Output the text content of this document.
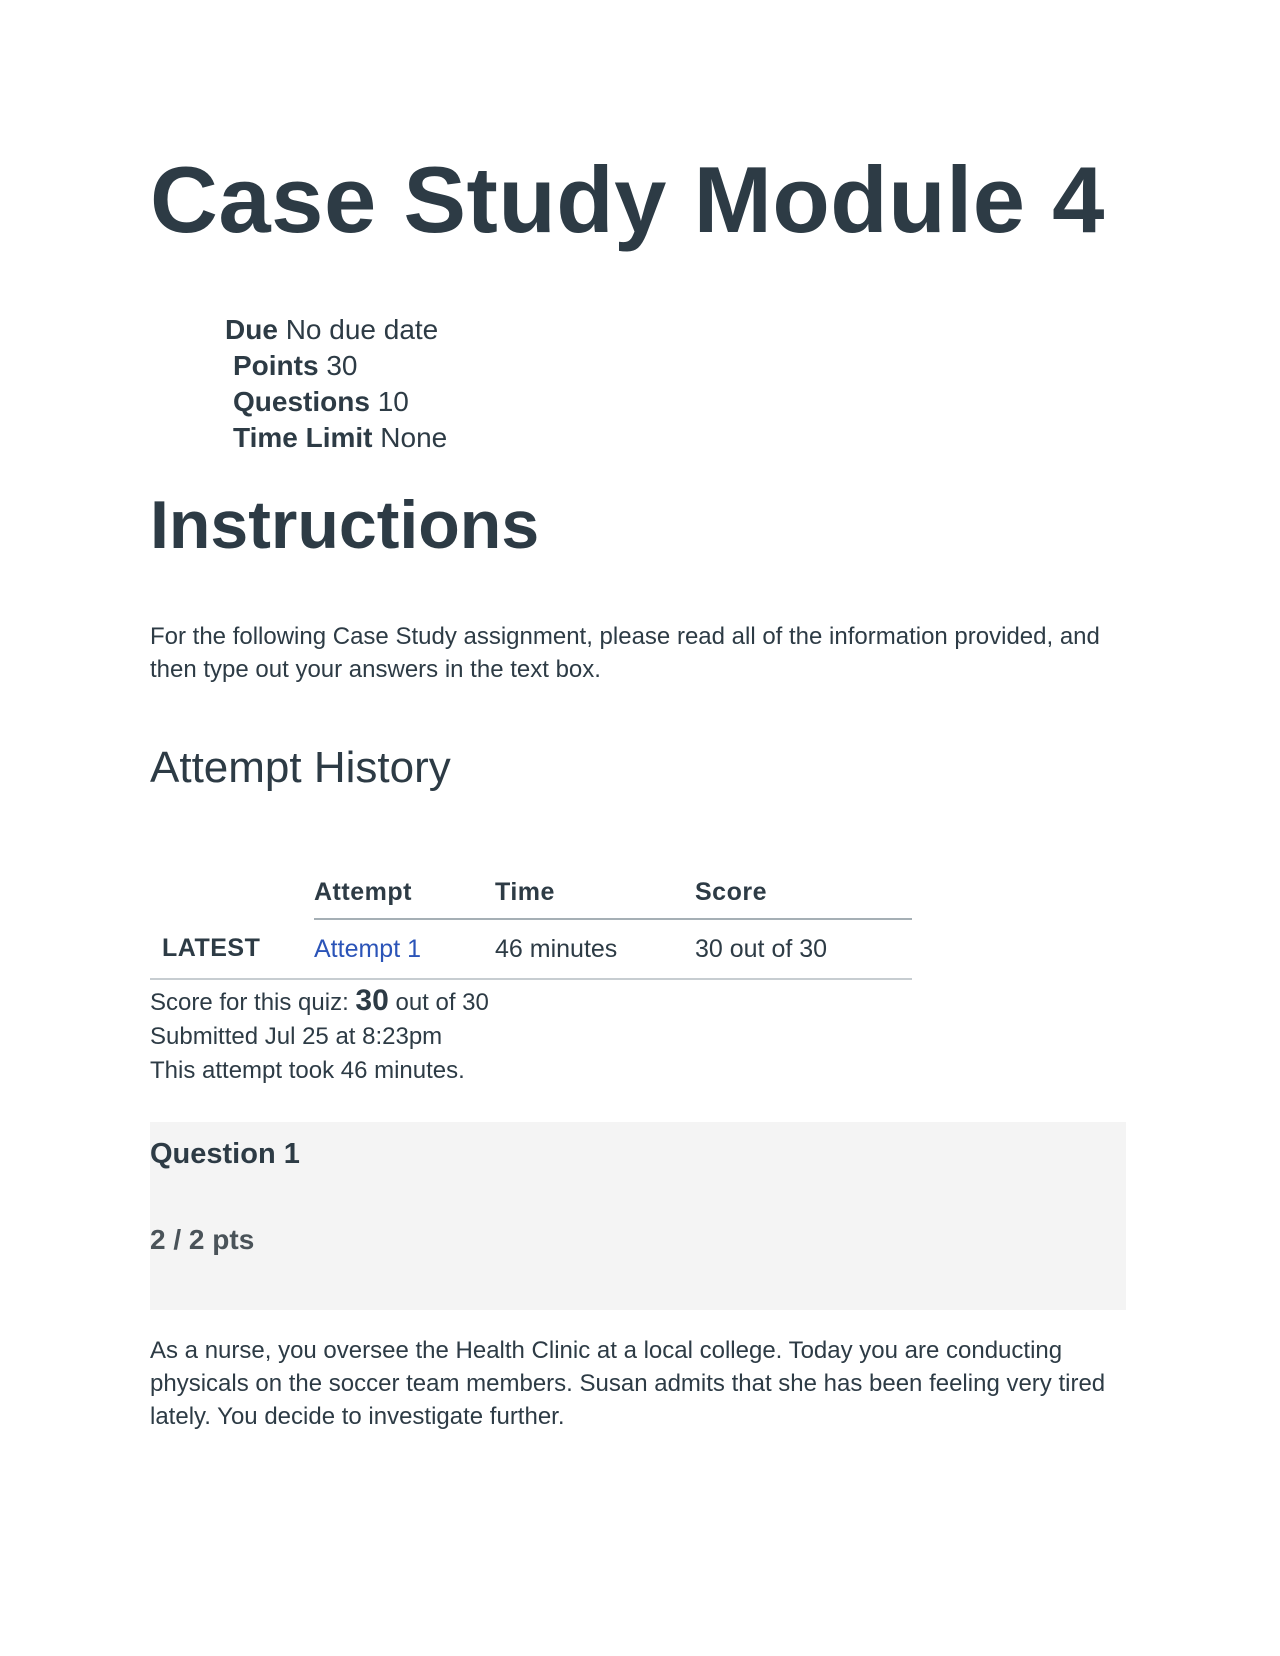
Case Study Module 4
Due No due date
Points 30
Questions 10
Time Limit None
Instructions

For the following Case Study assignment, please read all of the information provided, and then type out your answers in the text box.

Attempt History
	Attempt	Time	Score
LATEST	Attempt 1	46 minutes	30 out of 30
Score for this quiz: 30 out of 30
Submitted Jul 25 at 8:23pm
This attempt took 46 minutes.
Question 1
2 / 2 pts

As a nurse, you oversee the Health Clinic at a local college. Today you are conducting physicals on the soccer team members. Susan admits that she has been feeling very tired lately. You decide to investigate further.
